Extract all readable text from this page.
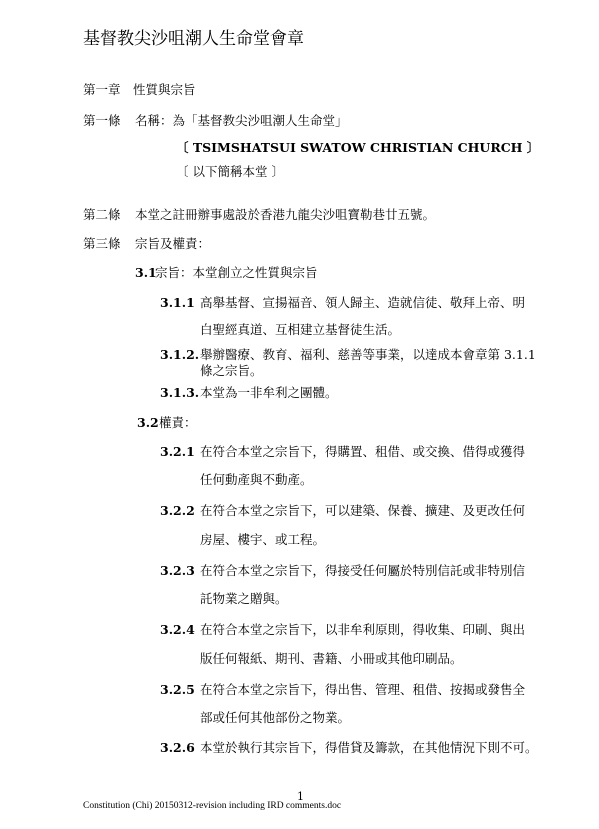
基督教尖沙咀潮人生命堂會章
第一章　性質與宗旨
第一條 名稱：為「基督教尖沙咀潮人生命堂」
〔 TSIMSHATSUI SWATOW CHRISTIAN CHURCH 〕
〔 以下簡稱本堂 〕
第二條 本堂之註冊辦事處設於香港九龍尖沙咀寶勒巷廿五號。
第三條 宗旨及權責：
3.1
宗旨：本堂創立之性質與宗旨
3.1.1 高舉基督、宣揚福音、領人歸主、造就信徒、敬拜上帝、明
白聖經真道、互相建立基督徒生活。
3.1.2. 舉辦醫療、教育、福利、慈善等事業，以達成本會章第 3.1.1
條之宗旨。
3.1.3. 本堂為一非牟利之團體。
3.2 權責：
3.2.1 在符合本堂之宗旨下，得購置、租借、或交換、借得或獲得
任何動產與不動產。
3.2.2 在符合本堂之宗旨下，可以建築、保養、擴建、及更改任何
房屋、樓宇、或工程。
3.2.3 在符合本堂之宗旨下，得接受任何屬於特別信託或非特別信
託物業之贈與。
3.2.4 在符合本堂之宗旨下，以非牟利原則，得收集、印刷、與出
版任何報紙、期刊、書籍、小冊或其他印刷品。
3.2.5 在符合本堂之宗旨下，得出售、管理、租借、按揭或發售全
部或任何其他部份之物業。
3.2.6 本堂於執行其宗旨下，得借貸及籌款，在其他情況下則不可。
1
Constitution (Chi) 20150312-revision including IRD comments.doc
